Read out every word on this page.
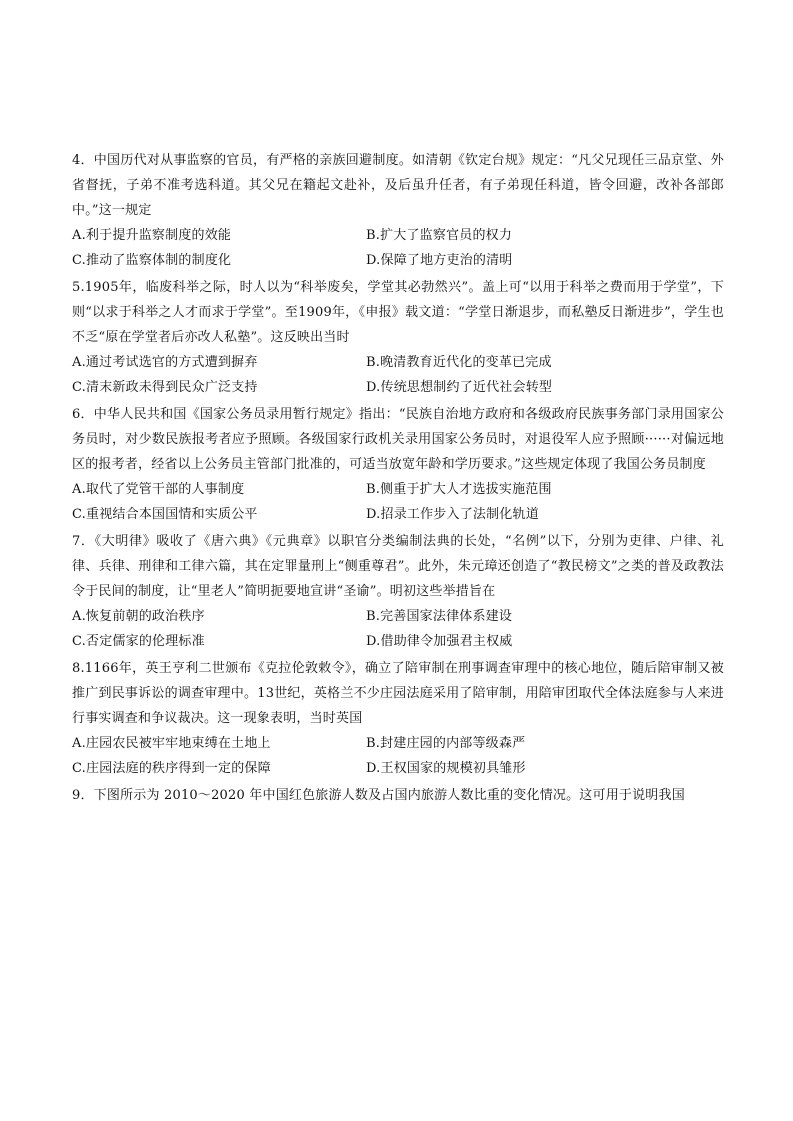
4．中国历代对从事监察的官员，有严格的亲族回避制度。如清朝《钦定台规》规定：“凡父兄现任三品京堂、外省督抚，子弟不准考选科道。其父兄在籍起文赴补，及后虽升任者，有子弟现任科道，皆令回避，改补各部郎中。”这一规定

A.利于提升监察制度的效能	B.扩大了监察官员的权力
C.推动了监察体制的制度化	D.保障了地方吏治的清明

5.1905年，临废科举之际，时人以为“科举废矣，学堂其必勃然兴”。盖上可“以用于科举之费而用于学堂”，下则“以求于科举之人才而求于学堂”。至1909年，《申报》载文道：“学堂日渐退步，而私塾反日渐进步”，学生也不乏“原在学堂者后亦改人私塾”。这反映出当时

A.通过考试选官的方式遭到摒弃	B.晚清教育近代化的变革已完成
C.清末新政未得到民众广泛支持	D.传统思想制约了近代社会转型

6．中华人民共和国《国家公务员录用暂行规定》指出：“民族自治地方政府和各级政府民族事务部门录用国家公务员时，对少数民族报考者应予照顾。各级国家行政机关录用国家公务员时，对退役军人应予照顾······对偏远地区的报考者，经省以上公务员主管部门批准的，可适当放宽年龄和学历要求。”这些规定体现了我国公务员制度

A.取代了党管干部的人事制度	B.侧重于扩大人才选拔实施范围
C.重视结合本国国情和实质公平	D.招录工作步入了法制化轨道

7．《大明律》吸收了《唐六典》《元典章》以职官分类编制法典的长处，“名例”以下，分别为吏律、户律、礼律、兵律、刑律和工律六篇，其在定罪量刑上“侧重尊君”。此外，朱元璋还创造了“教民榜文”之类的普及政教法令于民间的制度，让“里老人”简明扼要地宣讲“圣谕”。明初这些举措旨在

A.恢复前朝的政治秩序	B.完善国家法律体系建设
C.否定儒家的伦理标准	D.借助律令加强君主权威

8.1166年，英王亨利二世颁布《克拉伦敦敕令》，确立了陪审制在刑事调查审理中的核心地位，随后陪审制又被推广到民事诉讼的调查审理中。13世纪，英格兰不少庄园法庭采用了陪审制，用陪审团取代全体法庭参与人来进行事实调查和争议裁决。这一现象表明，当时英国

A.庄园农民被牢牢地束缚在土地上	B.封建庄园的内部等级森严
C.庄园法庭的秩序得到一定的保障	D.王权国家的规模初具雏形

9．下图所示为 2010～2020 年中国红色旅游人数及占国内旅游人数比重的变化情况。这可用于说明我国
